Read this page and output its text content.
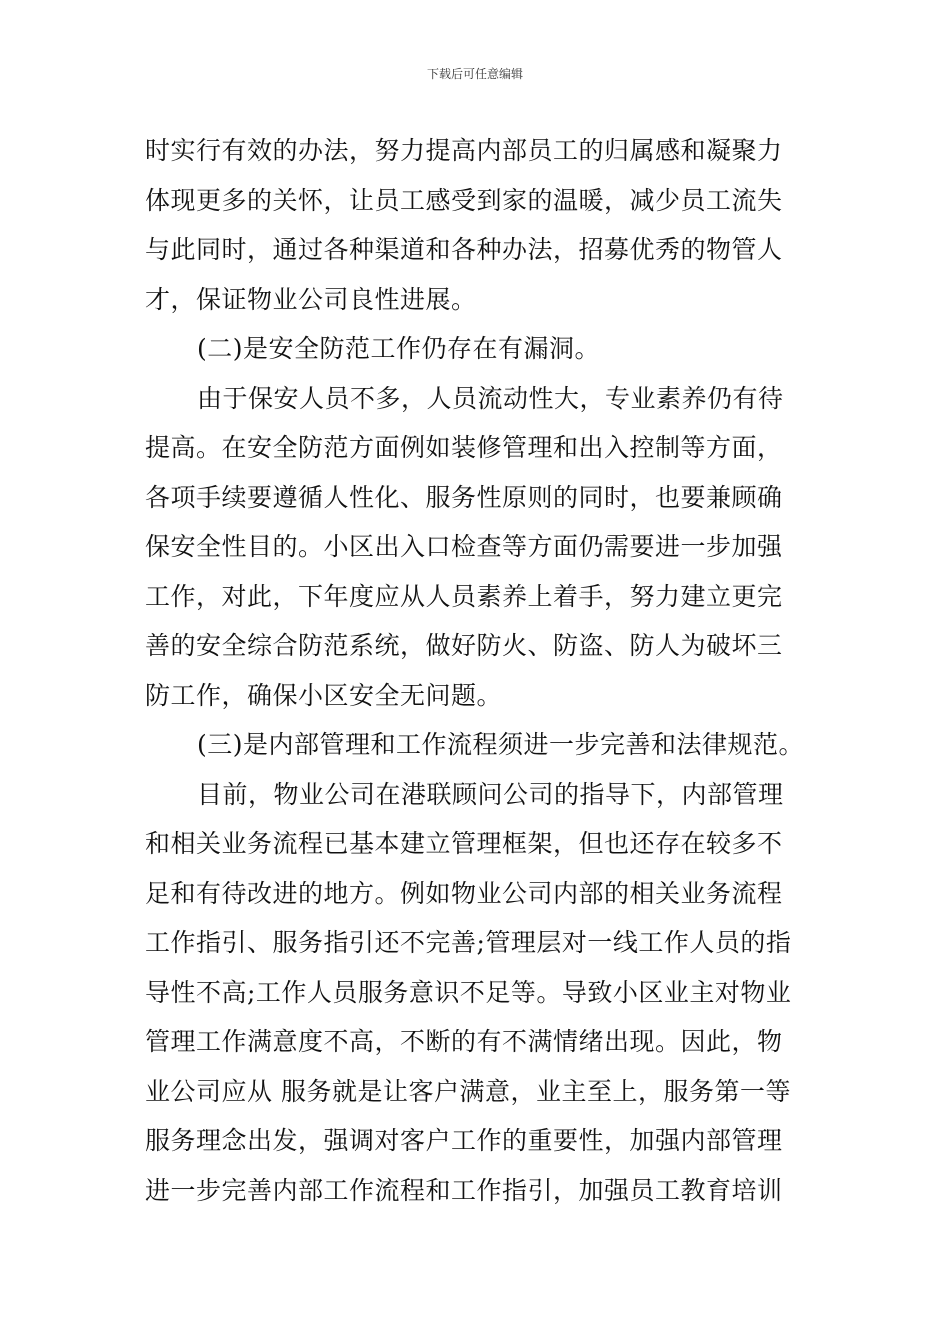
下载后可任意编辑
时实行有效的办法，努力提高内部员工的归属感和凝聚力
体现更多的关怀，让员工感受到家的温暖，减少员工流失
与此同时，通过各种渠道和各种办法，招募优秀的物管人
才，保证物业公司良性进展。
(二)是安全防范工作仍存在有漏洞。
由于保安人员不多，人员流动性大，专业素养仍有待
提高。在安全防范方面例如装修管理和出入控制等方面，
各项手续要遵循人性化、服务性原则的同时，也要兼顾确
保安全性目的。小区出入口检查等方面仍需要进一步加强
工作，对此，下年度应从人员素养上着手，努力建立更完
善的安全综合防范系统，做好防火、防盗、防人为破坏三
防工作，确保小区安全无问题。
(三)是内部管理和工作流程须进一步完善和法律规范。
目前，物业公司在港联顾问公司的指导下，内部管理
和相关业务流程已基本建立管理框架，但也还存在较多不
足和有待改进的地方。例如物业公司内部的相关业务流程
工作指引、服务指引还不完善;管理层对一线工作人员的指
导性不高;工作人员服务意识不足等。导致小区业主对物业
管理工作满意度不高，不断的有不满情绪出现。因此，物
业公司应从 服务就是让客户满意，业主至上，服务第一等
服务理念出发，强调对客户工作的重要性，加强内部管理
进一步完善内部工作流程和工作指引，加强员工教育培训
